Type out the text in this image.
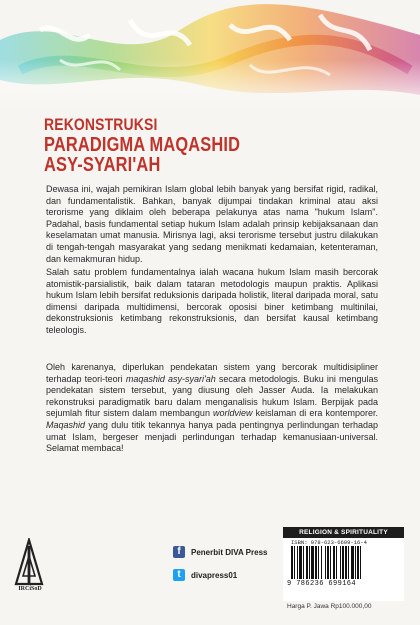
REKONSTRUKSI
PARADIGMA MAQASHID
ASY-SYARI'AH
Dewasa ini, wajah pemikiran Islam global lebih banyak yang bersifat rigid, radikal, dan fundamentalistik. Bahkan, banyak dijumpai tindakan kriminal atau aksi terorisme yang diklaim oleh beberapa pelakunya atas nama "hukum Islam". Padahal, basis fundamental setiap hukum Islam adalah prinsip kebijaksanaan dan keselamatan umat manusia. Mirisnya lagi, aksi terorisme tersebut justru dilakukan di tengah-tengah masyarakat yang sedang menikmati kedamaian, ketenteraman, dan kemakmuran hidup.
Salah satu problem fundamentalnya ialah wacana hukum Islam masih bercorak atomistik-parsialistik, baik dalam tataran metodologis maupun praktis. Aplikasi hukum Islam lebih bersifat reduksionis daripada holistik, literal daripada moral, satu dimensi daripada multidimensi, bercorak oposisi biner ketimbang multinilai, dekonstruksionis ketimbang rekonstruksionis, dan bersifat kausal ketimbang teleologis.
Oleh karenanya, diperlukan pendekatan sistem yang bercorak multidisipliner terhadap teori-teori maqashid asy-syari'ah secara metodologis. Buku ini mengulas pendekatan sistem tersebut, yang diusung oleh Jasser Auda. Ia melakukan rekonstruksi paradigmatik baru dalam menganalisis hukum Islam. Berpijak pada sejumlah fitur sistem dalam membangun worldview keislaman di era kontemporer. Maqashid yang dulu titik tekannya hanya pada pentingnya perlindungan terhadap umat Islam, bergeser menjadi perlindungan terhadap kemanusiaan-universal. Selamat membaca!
IRCiSoD
f	Penerbit DIVA Press
t	divapress01
RELIGION & SPIRITUALITY
ISBN: 978-623-6699-16-4
9 786236 699164
Harga P. Jawa Rp100.000,00
